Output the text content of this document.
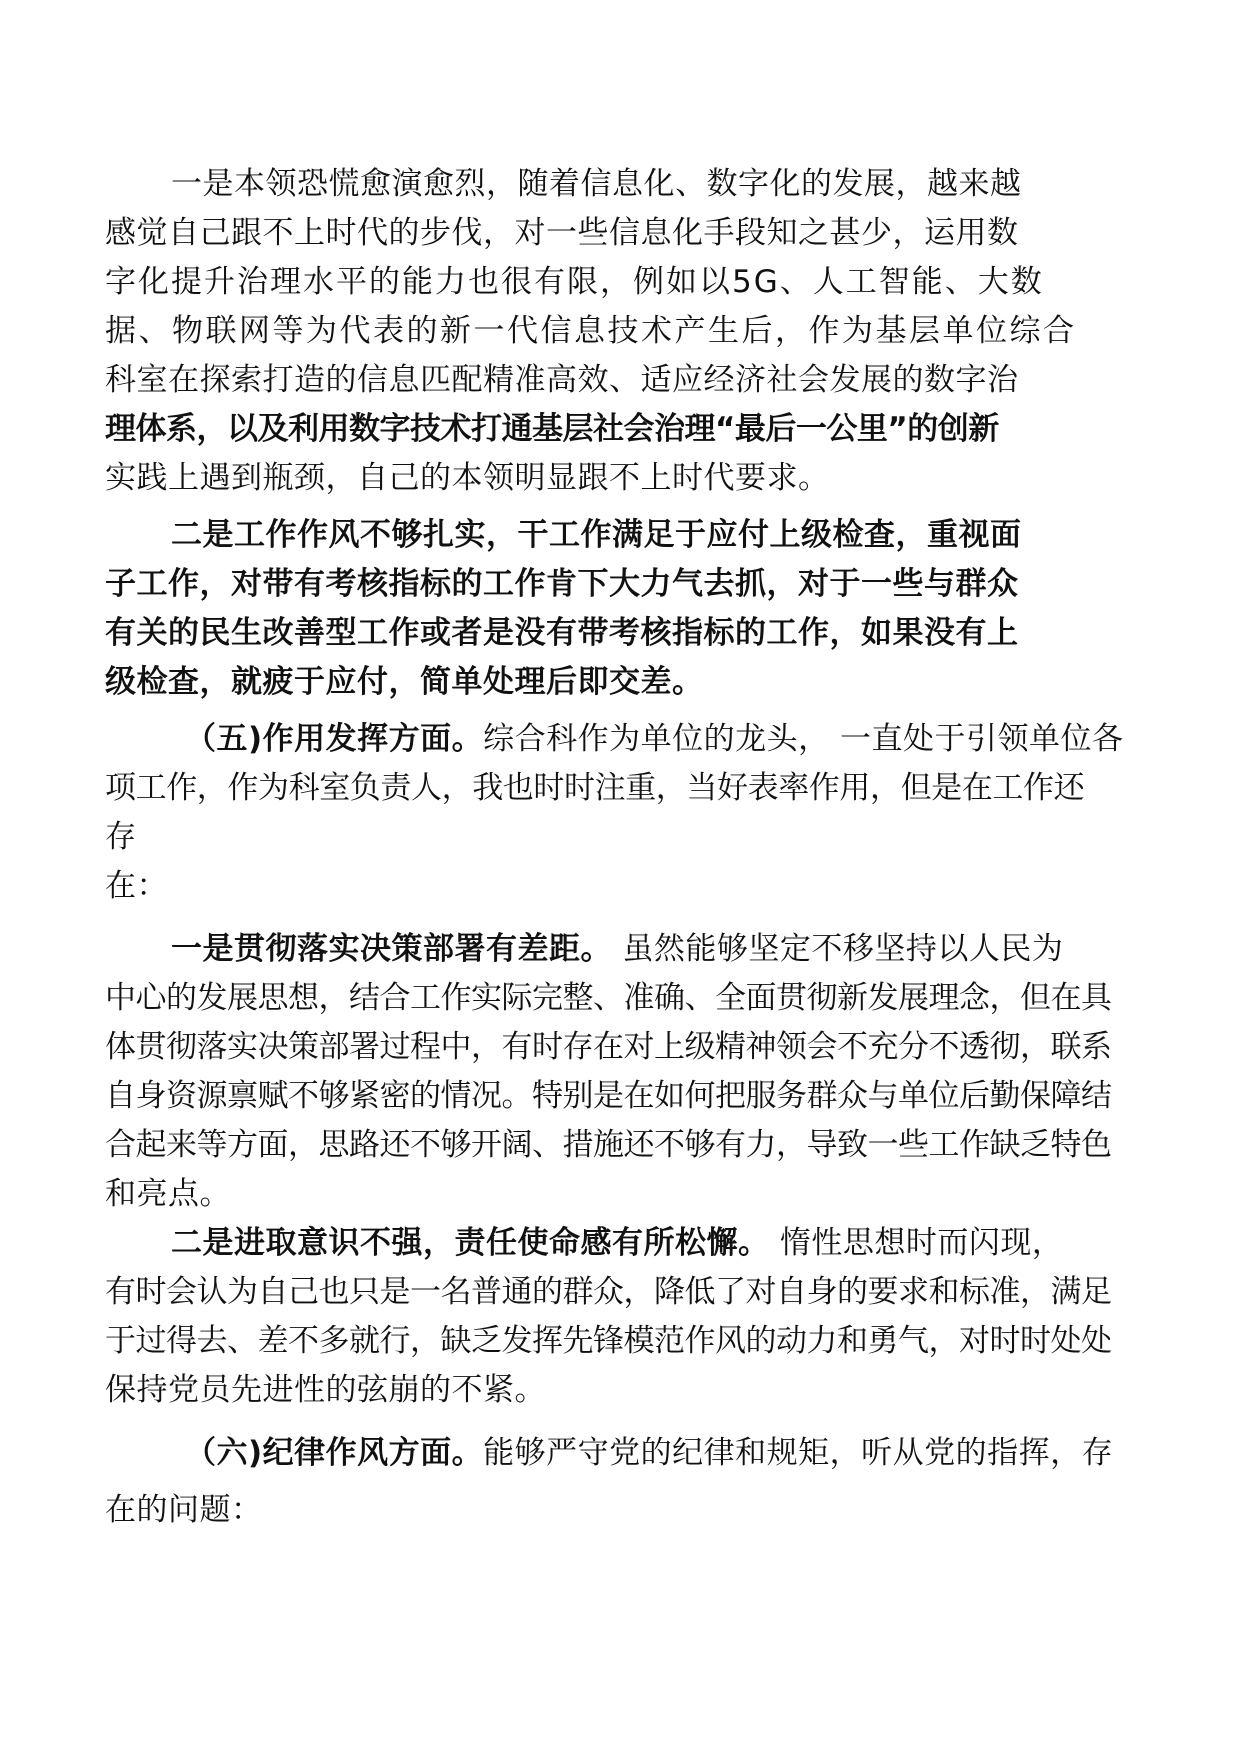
一是本领恐慌愈演愈烈，随着信息化、数字化的发展，越来越
感觉自己跟不上时代的步伐，对一些信息化手段知之甚少，运用数
字化提升治理水平的能力也很有限，例如以5G、人工智能、大数
据、物联网等为代表的新一代信息技术产生后，作为基层单位综合
科室在探索打造的信息匹配精准高效、适应经济社会发展的数字治
理体系，以及利用数字技术打通基层社会治理“最后一公里”的创新
实践上遇到瓶颈，自己的本领明显跟不上时代要求。
二是工作作风不够扎实，干工作满足于应付上级检查，重视面
子工作，对带有考核指标的工作肯下大力气去抓，对于一些与群众
有关的民生改善型工作或者是没有带考核指标的工作，如果没有上
级检查，就疲于应付，简单处理后即交差。
（五)作用发挥方面。综合科作为单位的龙头， 一直处于引领单位各
项工作，作为科室负责人，我也时时注重，当好表率作用，但是在工作还
存
在：
一是贯彻落实决策部署有差距。 虽然能够坚定不移坚持以人民为
中心的发展思想，结合工作实际完整、准确、全面贯彻新发展理念，但在具
体贯彻落实决策部署过程中，有时存在对上级精神领会不充分不透彻，联系
自身资源禀赋不够紧密的情况。特别是在如何把服务群众与单位后勤保障结
合起来等方面，思路还不够开阔、措施还不够有力，导致一些工作缺乏特色
和亮点。
二是进取意识不强，责任使命感有所松懈。 惰性思想时而闪现，
有时会认为自己也只是一名普通的群众，降低了对自身的要求和标准，满足
于过得去、差不多就行，缺乏发挥先锋模范作风的动力和勇气，对时时处处
保持党员先进性的弦崩的不紧。
（六)纪律作风方面。能够严守党的纪律和规矩，听从党的指挥，存
在的问题：
